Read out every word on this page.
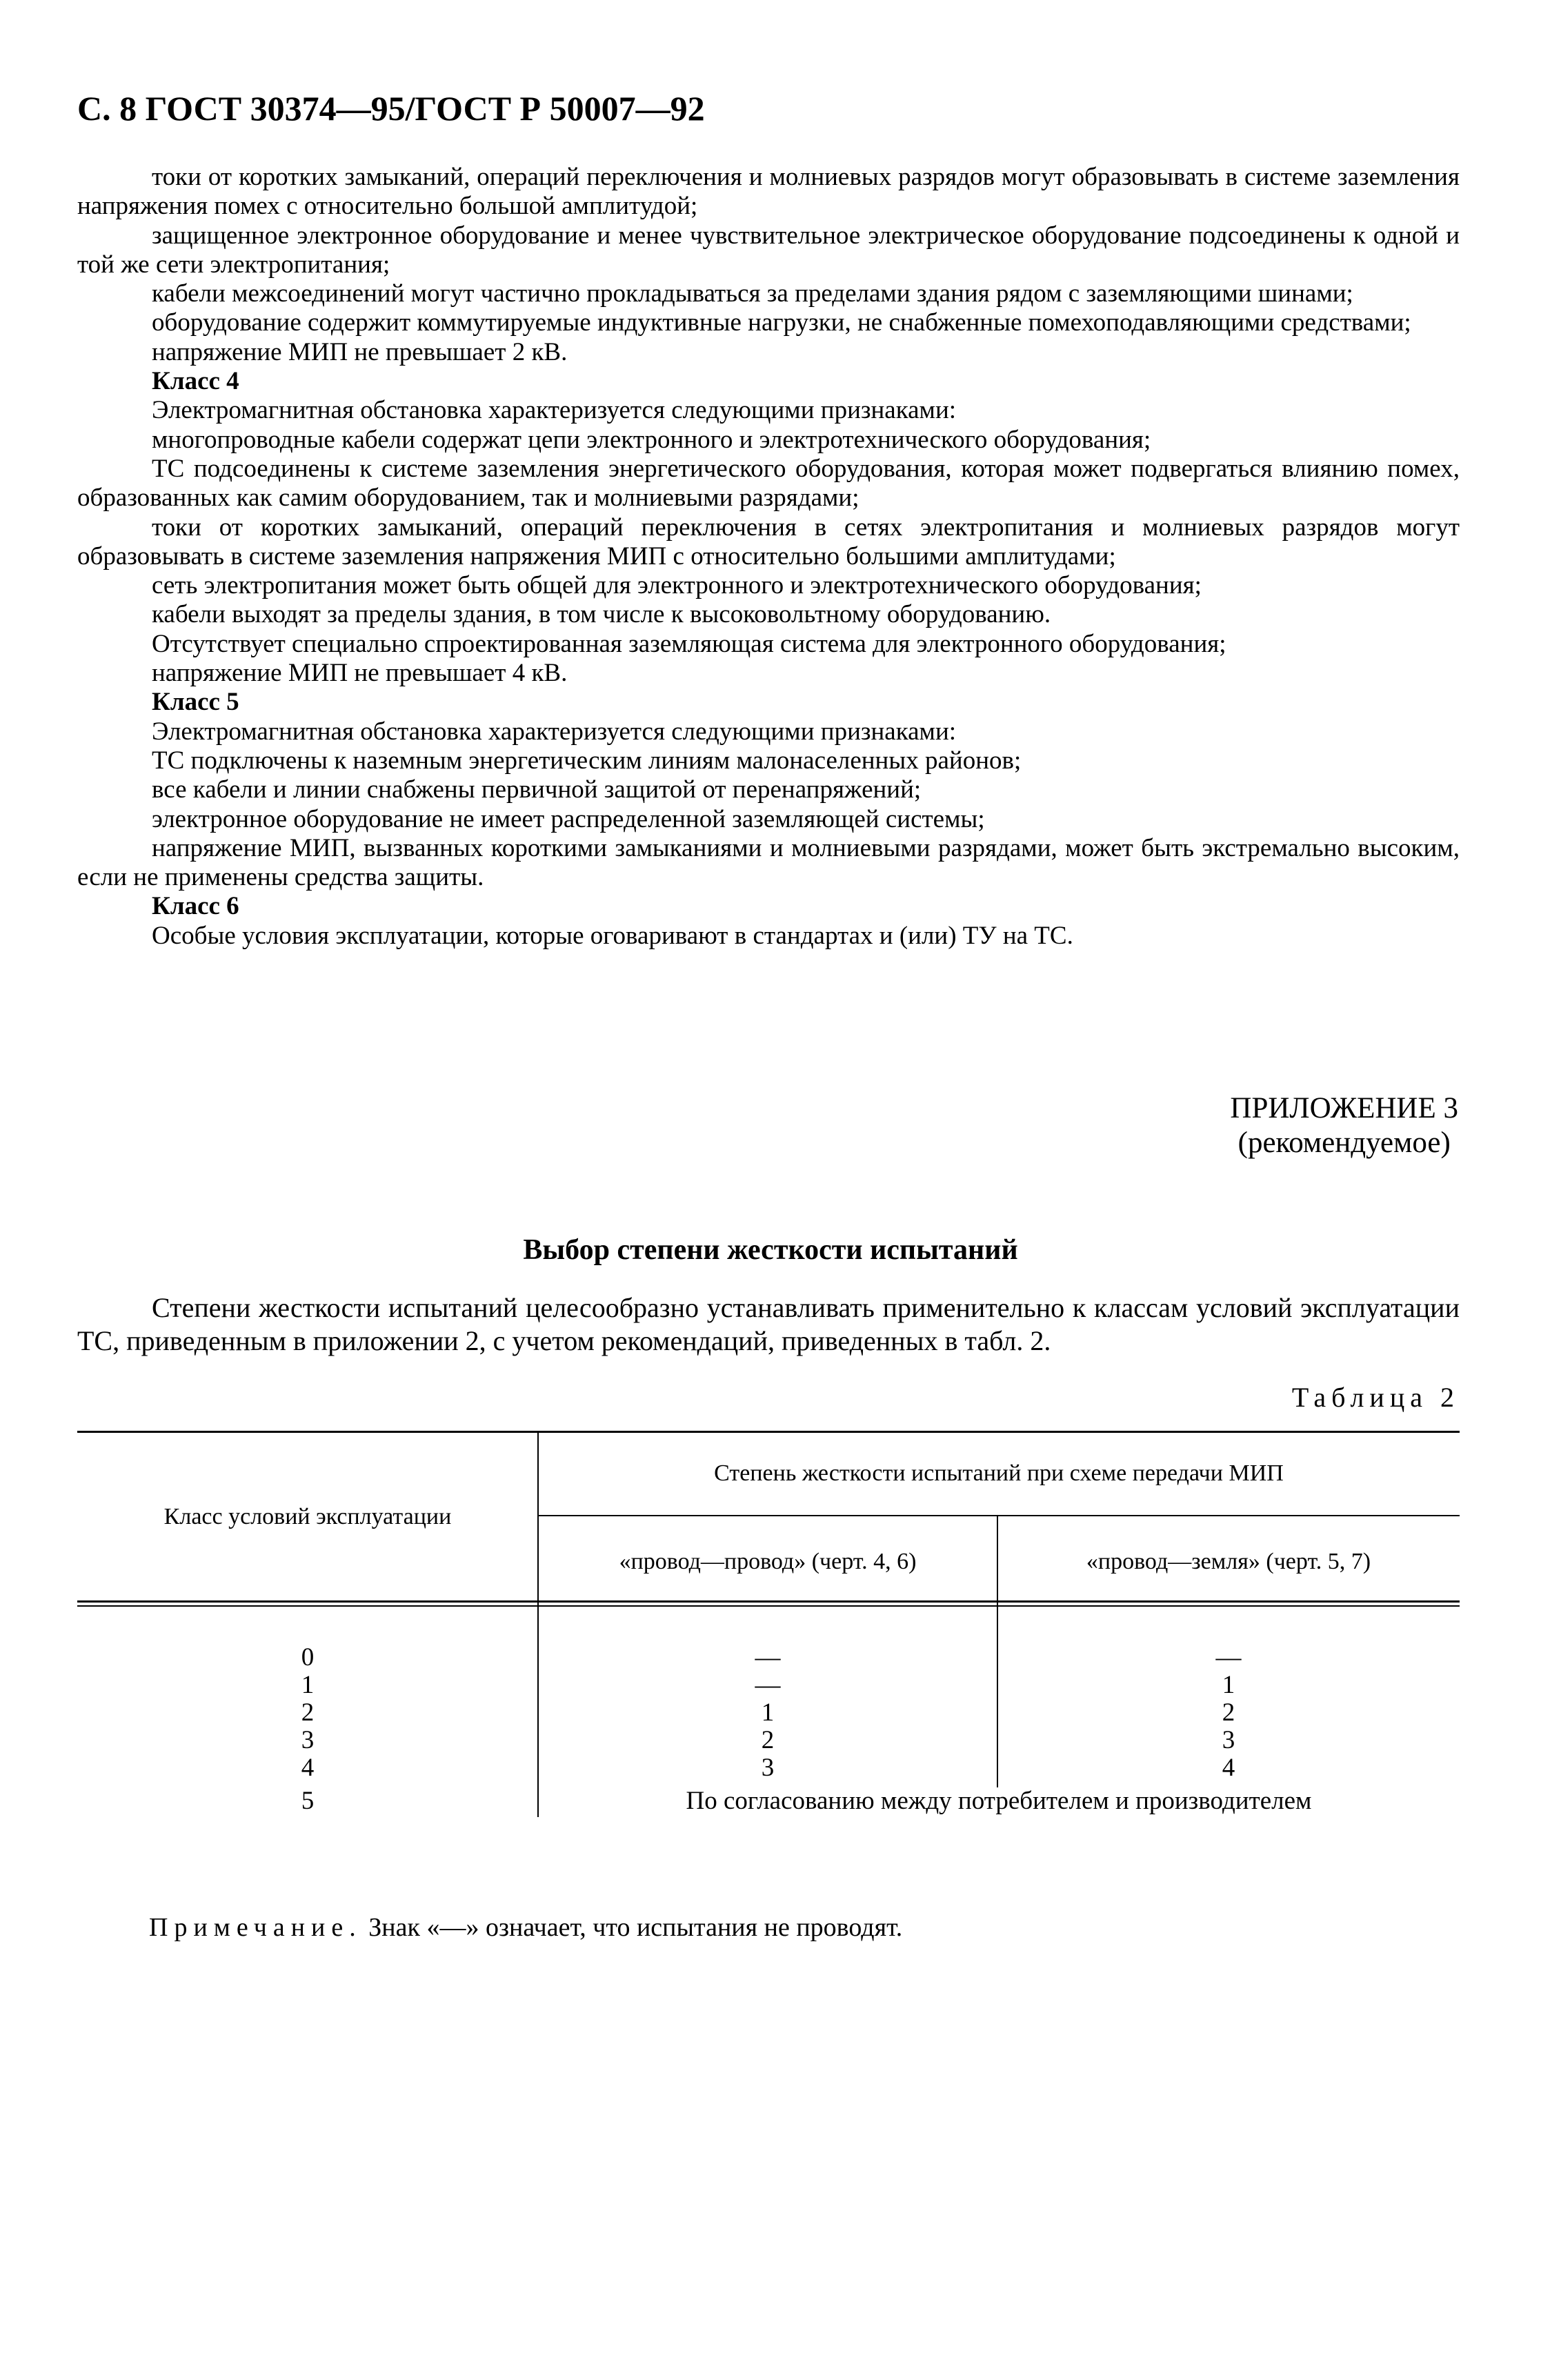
С. 8 ГОСТ 30374—95/ГОСТ Р 50007—92

токи от коротких замыканий, операций переключения и молниевых разрядов могут образовывать в системе заземления напряжения помех с относительно большой амплитудой;

защищенное электронное оборудование и менее чувствительное электрическое оборудование подсоединены к одной и той же сети электропитания;

кабели межсоединений могут частично прокладываться за пределами здания рядом с заземляющими шинами;

оборудование содержит коммутируемые индуктивные нагрузки, не снабженные помехоподавляющими средствами;

напряжение МИП не превышает 2 кВ.

Класс 4

Электромагнитная обстановка характеризуется следующими признаками:

многопроводные кабели содержат цепи электронного и электротехнического оборудования;

ТС подсоединены к системе заземления энергетического оборудования, которая может подвергаться влиянию помех, образованных как самим оборудованием, так и молниевыми разрядами;

токи от коротких замыканий, операций переключения в сетях электропитания и молниевых разрядов могут образовывать в системе заземления напряжения МИП с относительно большими амплитудами;

сеть электропитания может быть общей для электронного и электротехнического оборудования;

кабели выходят за пределы здания, в том числе к высоковольтному оборудованию.

Отсутствует специально спроектированная заземляющая система для электронного оборудования;

напряжение МИП не превышает 4 кВ.

Класс 5

Электромагнитная обстановка характеризуется следующими признаками:

ТС подключены к наземным энергетическим линиям малонаселенных районов;

все кабели и линии снабжены первичной защитой от перенапряжений;

электронное оборудование не имеет распределенной заземляющей системы;

напряжение МИП, вызванных короткими замыканиями и молниевыми разрядами, может быть экстремально высоким, если не применены средства защиты.

Класс 6

Особые условия эксплуатации, которые оговаривают в стандартах и (или) ТУ на ТС.

ПРИЛОЖЕНИЕ 3
(рекомендуемое)
Выбор степени жесткости испытаний

Степени жесткости испытаний целесообразно устанавливать применительно к классам условий эксплуатации ТС, приведенным в приложении 2, с учетом рекомендаций, приведенных в табл. 2.

Таблица 2
Класс условий эксплуатации
Степень жесткости испытаний при схеме передачи МИП
«провод—провод» (черт. 4, 6)	«провод—земля» (черт. 5, 7)
0	—	—
1	—	1
2	1	2
3	2	3
4	3	4
5	По согласованию между потребителем и производителем
Примечание. Знак «—» означает, что испытания не проводят.
